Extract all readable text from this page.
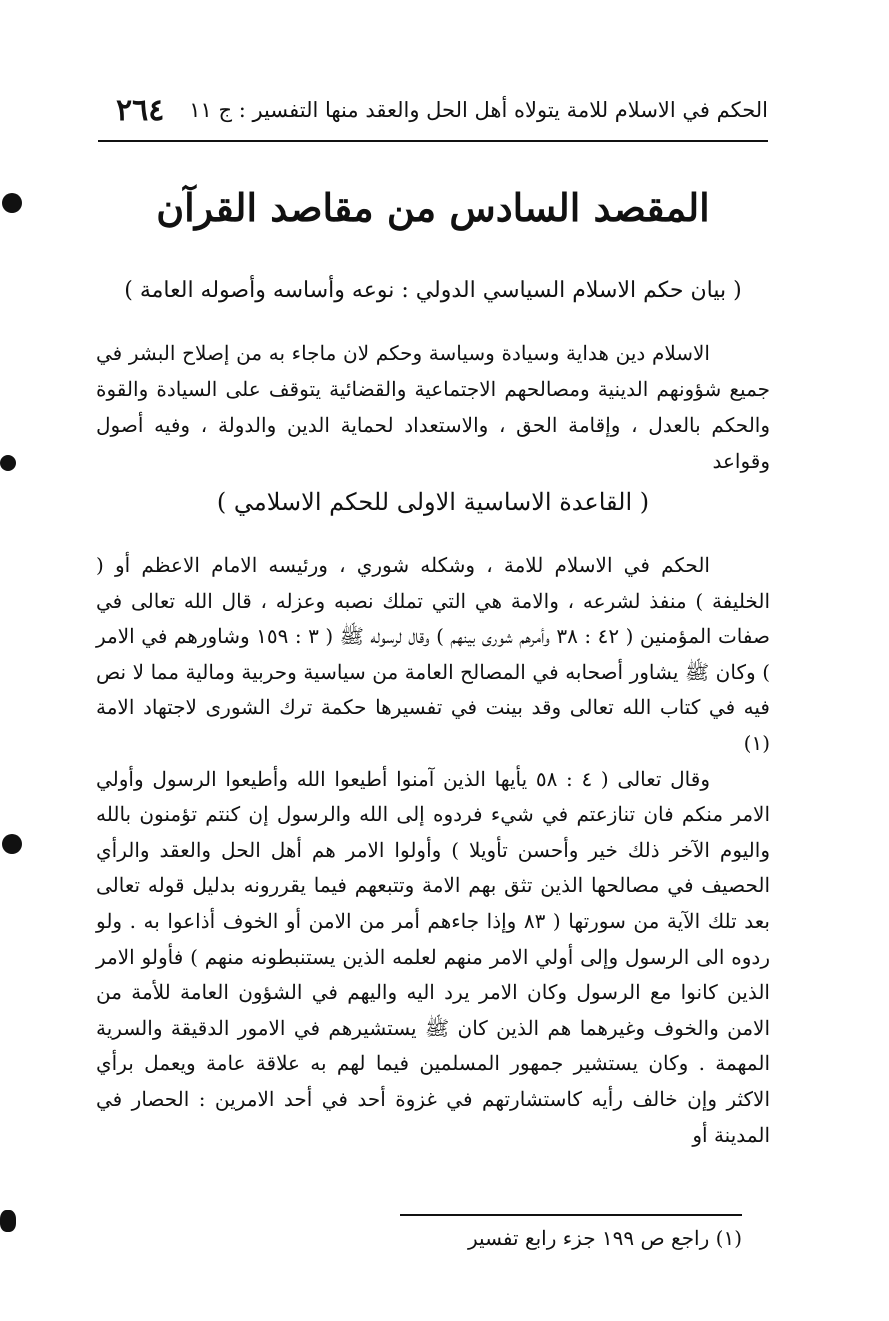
٢٦٤	الحكم في الاسلام للامة يتولاه أهل الحل والعقد منها التفسير : ج ١١
المقصد السادس من مقاصد القرآن
( بيان حكم الاسلام السياسي الدولي : نوعه وأساسه وأصوله العامة )

الاسلام دين هداية وسيادة وسياسة وحكم لان ماجاء به من إصلاح البشر في جميع شؤونهم الدينية ومصالحهم الاجتماعية والقضائية يتوقف على السيادة والقوة والحكم بالعدل ، وإقامة الحق ، والاستعداد لحماية الدين والدولة ، وفيه أصول وقواعد

( القاعدة الاساسية الاولى للحكم الاسلامي )

الحكم في الاسلام للامة ، وشكله شوري ، ورئيسه الامام الاعظم أو ( الخليفة ) منفذ لشرعه ، والامة هي التي تملك نصبه وعزله ، قال الله تعالى في صفات المؤمنين ( ٤٢ : ٣٨ وأمرهم شورى بينهم ) وقال لرسوله ﷺ ( ٣ : ١٥٩ وشاورهم في الامر ) وكان ﷺ يشاور أصحابه في المصالح العامة من سياسية وحربية ومالية مما لا نص فيه في كتاب الله تعالى وقد بينت في تفسيرها حكمة ترك الشورى لاجتهاد الامة (١)

وقال تعالى ( ٤ : ٥٨ يأيها الذين آمنوا أطيعوا الله وأطيعوا الرسول وأولي الامر منكم فان تنازعتم في شيء فردوه إلى الله والرسول إن كنتم تؤمنون بالله واليوم الآخر ذلك خير وأحسن تأويلا ) وأولوا الامر هم أهل الحل والعقد والرأي الحصيف في مصالحها الذين تثق بهم الامة وتتبعهم فيما يقررونه بدليل قوله تعالى بعد تلك الآية من سورتها ( ٨٣ وإذا جاءهم أمر من الامن أو الخوف أذاعوا به . ولو ردوه الى الرسول وإلى أولي الامر منهم لعلمه الذين يستنبطونه منهم ) فأولو الامر الذين كانوا مع الرسول وكان الامر يرد اليه واليهم في الشؤون العامة للأمة من الامن والخوف وغيرهما هم الذين كان ﷺ يستشيرهم في الامور الدقيقة والسرية المهمة . وكان يستشير جمهور المسلمين فيما لهم به علاقة عامة ويعمل برأي الاكثر وإن خالف رأيه كاستشارتهم في غزوة أحد في أحد الامرين : الحصار في المدينة أو

(١) راجع ص ١٩٩ جزء رابع تفسير
